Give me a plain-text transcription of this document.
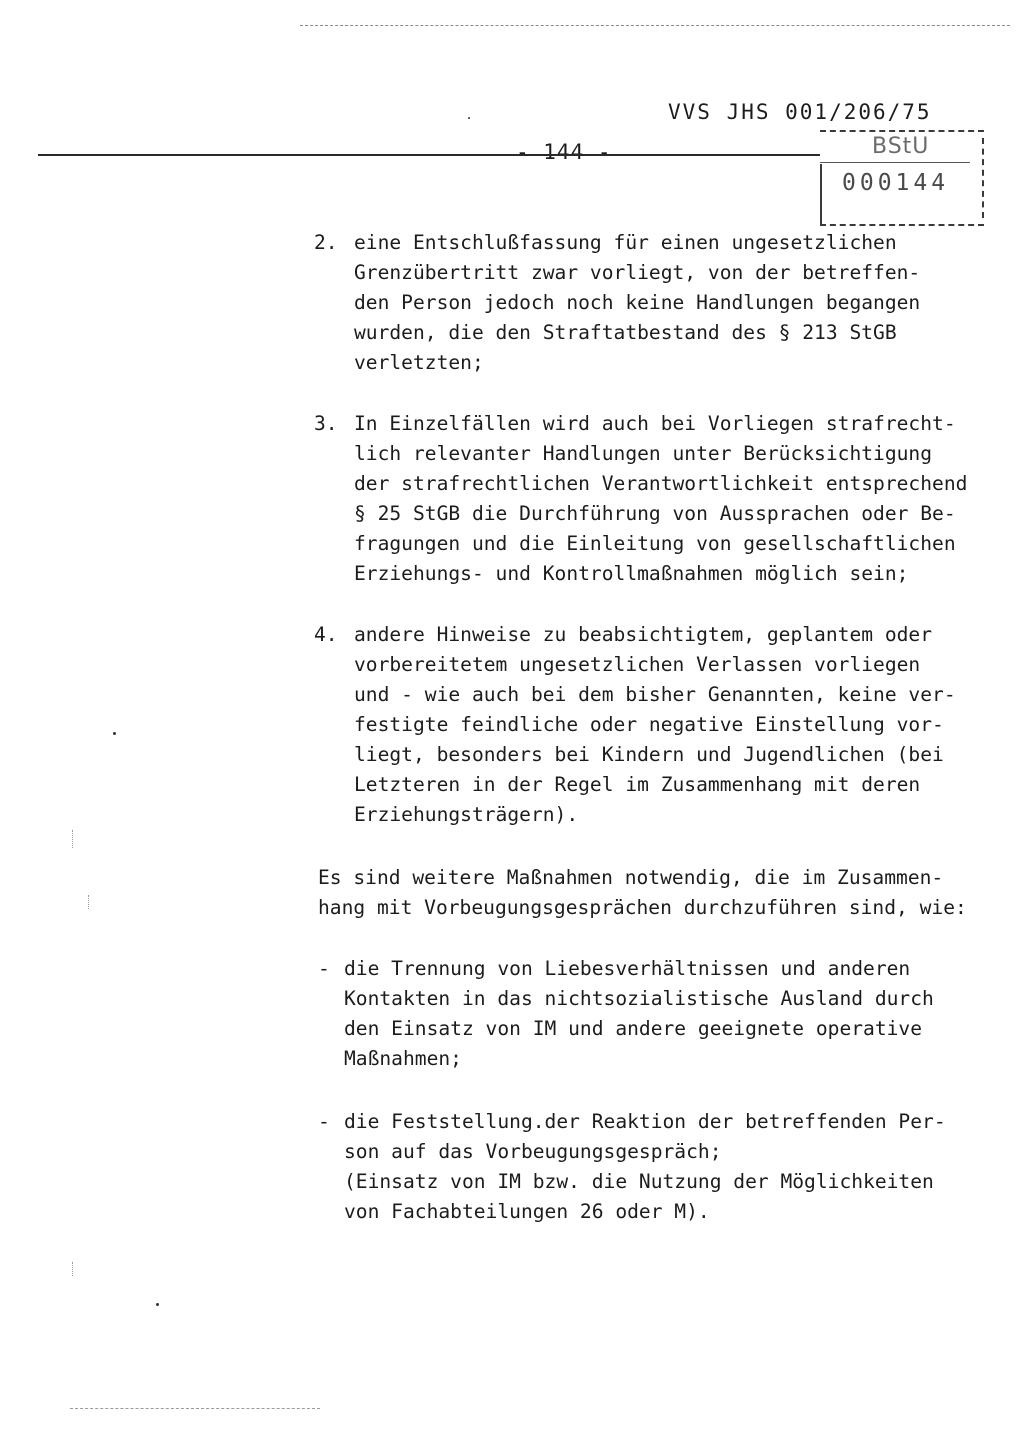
VVS JHS 001/206/75
- 144 -	BStU
000144
2. eine Entschlußfassung für einen ungesetzlichen
Grenzübertritt zwar vorliegt, von der betreffen-
den Person jedoch noch keine Handlungen begangen
wurden, die den Straftatbestand des § 213 StGB
verletzten;
3. In Einzelfällen wird auch bei Vorliegen strafrecht-
lich relevanter Handlungen unter Berücksichtigung
der strafrechtlichen Verantwortlichkeit entsprechend
§ 25 StGB die Durchführung von Aussprachen oder Be-
fragungen und die Einleitung von gesellschaftlichen
Erziehungs- und Kontrollmaßnahmen möglich sein;
4. andere Hinweise zu beabsichtigtem, geplantem oder
vorbereitetem ungesetzlichen Verlassen vorliegen
und - wie auch bei dem bisher Genannten, keine ver-
festigte feindliche oder negative Einstellung vor-
liegt, besonders bei Kindern und Jugendlichen (bei
Letzteren in der Regel im Zusammenhang mit deren
Erziehungsträgern).
Es sind weitere Maßnahmen notwendig, die im Zusammen-
hang mit Vorbeugungsgesprächen durchzuführen sind, wie:
- die Trennung von Liebesverhältnissen und anderen
Kontakten in das nichtsozialistische Ausland durch
den Einsatz von IM und andere geeignete operative
Maßnahmen;
- die Feststellung.der Reaktion der betreffenden Per-
son auf das Vorbeugungsgespräch;
(Einsatz von IM bzw. die Nutzung der Möglichkeiten
von Fachabteilungen 26 oder M).
